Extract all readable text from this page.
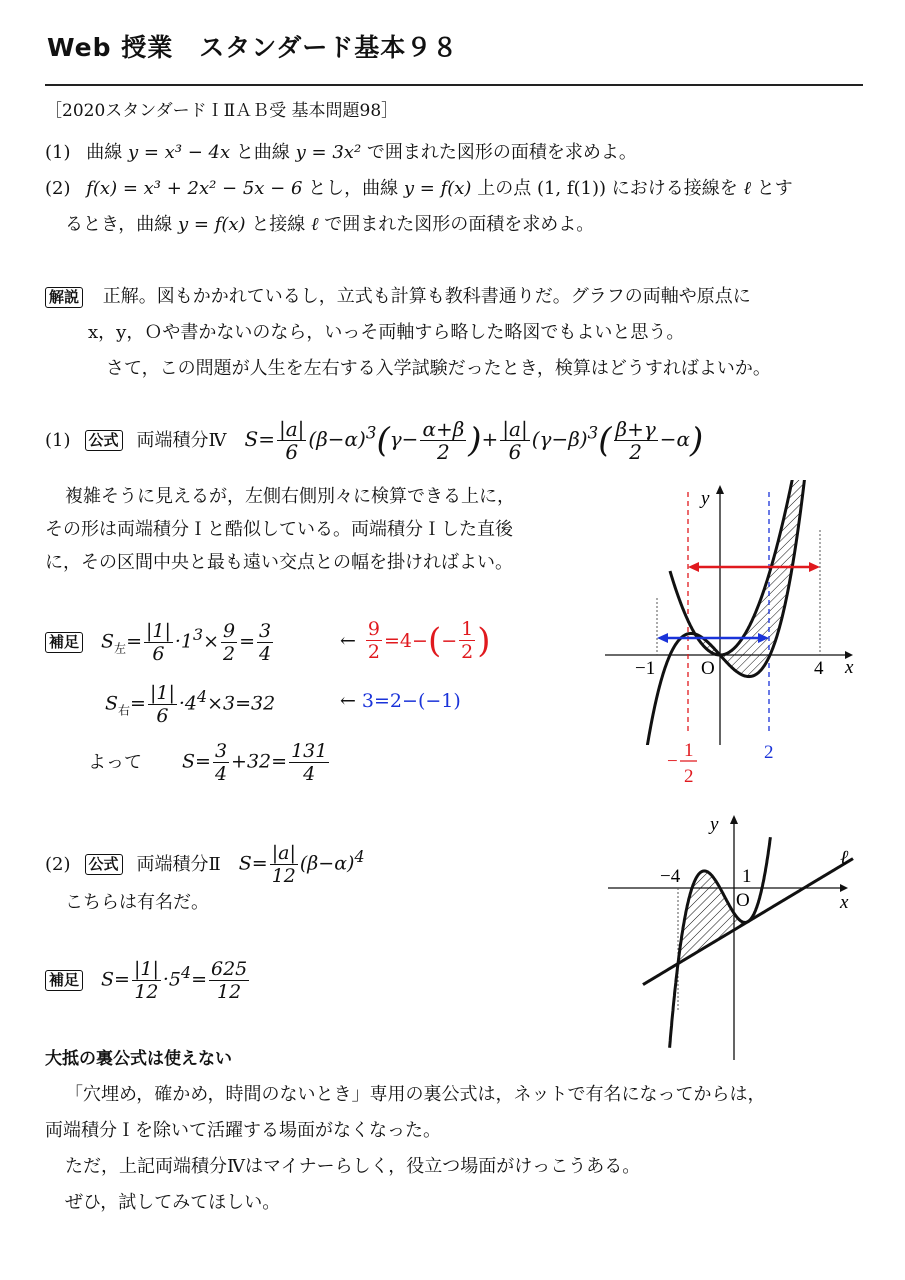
Web 授業　スタンダード基本９８
［2020スタンダードＩⅡＡＢ受 基本問題98］
(1) 曲線 y = x³ − 4x と曲線 y = 3x² で囲まれた図形の面積を求めよ。
(2) f(x) = x³ + 2x² − 5x − 6 とし，曲線 y = f(x) 上の点 (1, f(1)) における接線を ℓ とす
るとき，曲線 y = f(x) と接線 ℓ で囲まれた図形の面積を求めよ。
解説 正解。図もかかれているし，立式も計算も教科書通りだ。グラフの両軸や原点に
x，y，Ｏや書かないのなら，いっそ両軸すら略した略図でもよいと思う。
さて，この問題が人生を左右する入学試験だったとき，検算はどうすればよいか。
(1) 公式 両端積分Ⅳ $S= \frac{|a|}{6} (\beta-\alpha)^3(\gamma- \frac{\alpha+\beta}{2}$ )+ $\frac{|a|}{6} (\gamma-\beta)^3( \frac{\beta+\gamma}{2} -\alpha)$
複雑そうに見えるが，左側右側別々に検算できる上に，
その形は両端積分Ｉと酷似している。両端積分Ｉした直後
に，その区間中央と最も遠い交点との幅を掛ければよい。
補足 $S_左= \frac{|1|}{6} \cdot 1^3\times \frac{9}{2} = \frac{3}{4}$	← $\frac{9}{2} =4-$ ( − $\frac{1}{2}$ )
$S_右= \frac{|1|}{6} \cdot 4^4\times 3=32$	← 3=2−(−1)
よって $S= \frac{3}{4} +32= \frac{131}{4}$
y
x
O
−1	4
−
1
2
2
(2) 公式 両端積分Ⅱ $S= \frac{|a|}{12} (\beta-\alpha)^4$
こちらは有名だ。
補足 $S= \frac{|1|}{12} \cdot 5^4= \frac{625}{12}$
y
x
O
−4	1
ℓ
大抵の裏公式は使えない
「穴埋め，確かめ，時間のないとき」専用の裏公式は，ネットで有名になってからは，
両端積分Ｉを除いて活躍する場面がなくなった。
ただ，上記両端積分Ⅳはマイナーらしく，役立つ場面がけっこうある。
ぜひ，試してみてほしい。
